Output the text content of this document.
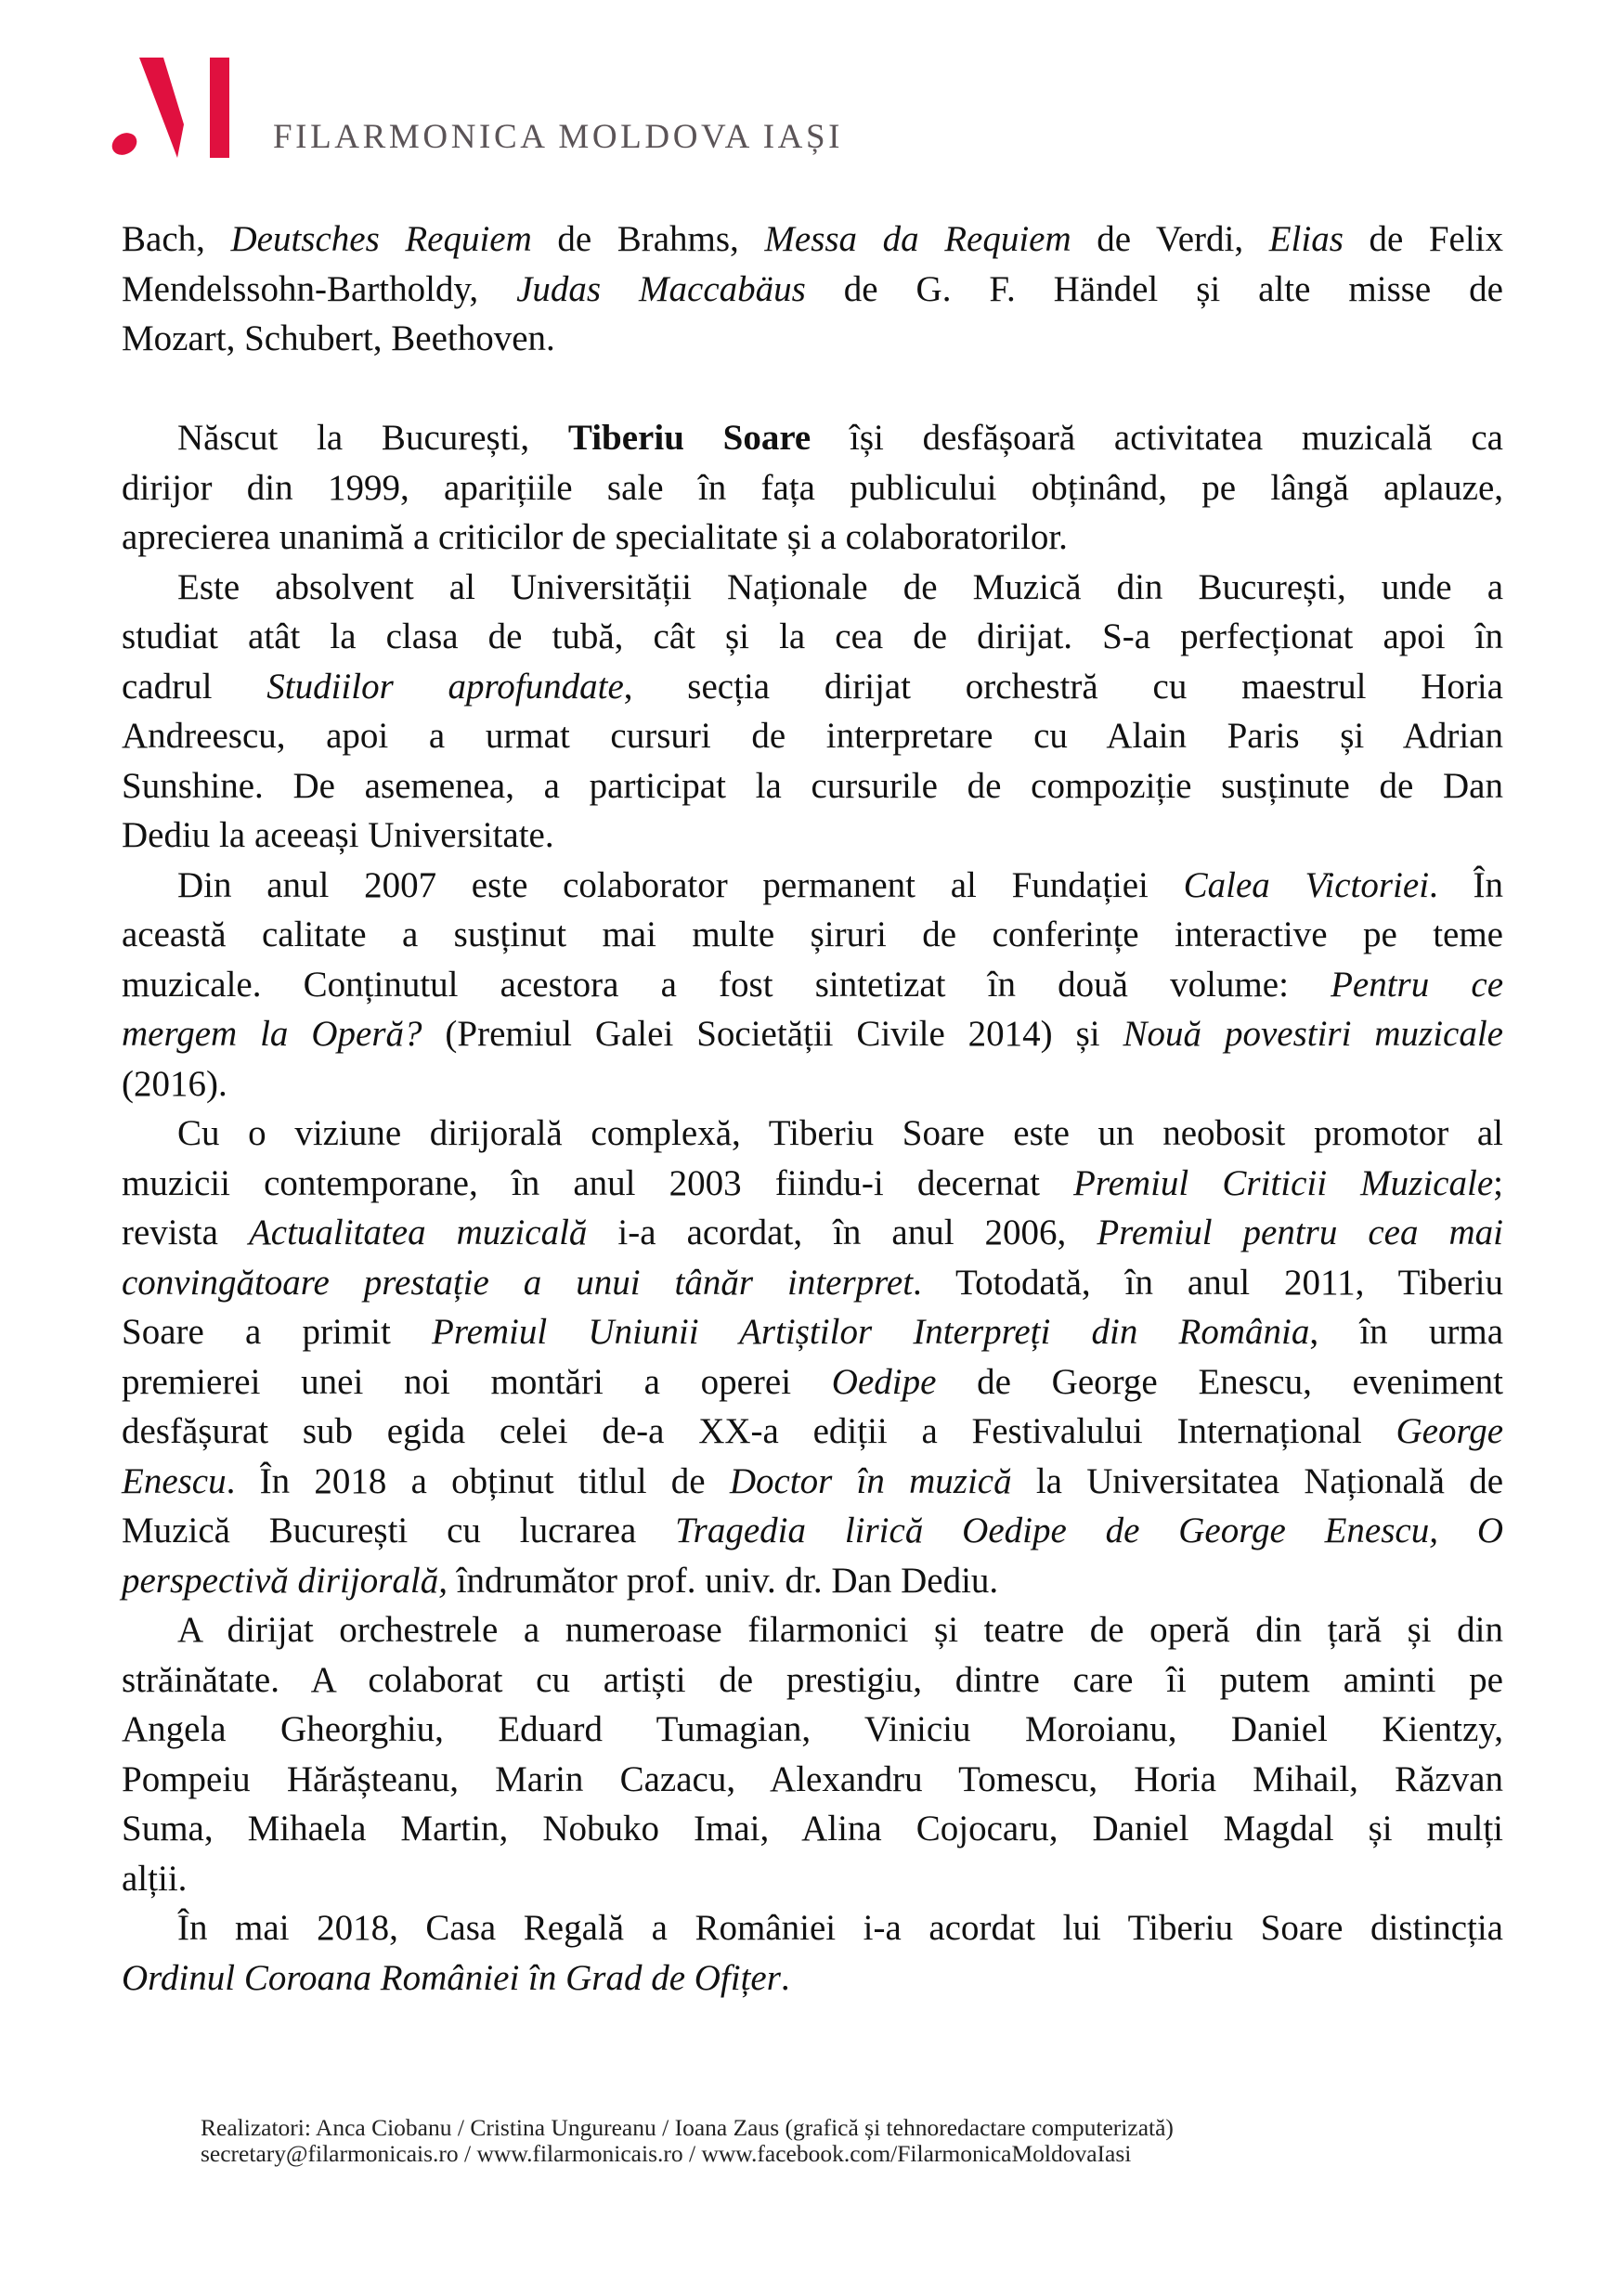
FILARMONICA MOLDOVA IAȘI
Bach, Deutsches Requiem de Brahms, Messa da Requiem de Verdi, Elias de Felix
Mendelssohn-Bartholdy, Judas Maccabäus de G. F. Händel și alte misse de
Mozart, Schubert, Beethoven.
Născut la București, Tiberiu Soare își desfășoară activitatea muzicală ca
dirijor din 1999, aparițiile sale în fața publicului obținând, pe lângă aplauze,
aprecierea unanimă a criticilor de specialitate și a colaboratorilor.
Este absolvent al Universității Naționale de Muzică din București, unde a
studiat atât la clasa de tubă, cât și la cea de dirijat. S-a perfecționat apoi în
cadrul Studiilor aprofundate, secția dirijat orchestră cu maestrul Horia
Andreescu, apoi a urmat cursuri de interpretare cu Alain Paris și Adrian
Sunshine. De asemenea, a participat la cursurile de compoziție susținute de Dan
Dediu la aceeași Universitate.
Din anul 2007 este colaborator permanent al Fundației Calea Victoriei. În
această calitate a susținut mai multe șiruri de conferințe interactive pe teme
muzicale. Conținutul acestora a fost sintetizat în două volume: Pentru ce
mergem la Operă? (Premiul Galei Societății Civile 2014) și Nouă povestiri muzicale
(2016).
Cu o viziune dirijorală complexă, Tiberiu Soare este un neobosit promotor al
muzicii contemporane, în anul 2003 fiindu-i decernat Premiul Criticii Muzicale;
revista Actualitatea muzicală i-a acordat, în anul 2006, Premiul pentru cea mai
convingătoare prestație a unui tânăr interpret. Totodată, în anul 2011, Tiberiu
Soare a primit Premiul Uniunii Artiștilor Interpreți din România, în urma
premierei unei noi montări a operei Oedipe de George Enescu, eveniment
desfășurat sub egida celei de-a XX-a ediții a Festivalului Internațional George
Enescu. În 2018 a obținut titlul de Doctor în muzică la Universitatea Națională de
Muzică București cu lucrarea Tragedia lirică Oedipe de George Enescu, O
perspectivă dirijorală, îndrumător prof. univ. dr. Dan Dediu.
A dirijat orchestrele a numeroase filarmonici și teatre de operă din țară și din
străinătate. A colaborat cu artiști de prestigiu, dintre care îi putem aminti pe
Angela Gheorghiu, Eduard Tumagian, Viniciu Moroianu, Daniel Kientzy,
Pompeiu Hărășteanu, Marin Cazacu, Alexandru Tomescu, Horia Mihail, Răzvan
Suma, Mihaela Martin, Nobuko Imai, Alina Cojocaru, Daniel Magdal și mulți
alții.
În mai 2018, Casa Regală a României i-a acordat lui Tiberiu Soare distincția
Ordinul Coroana României în Grad de Ofițer.
Realizatori: Anca Ciobanu / Cristina Ungureanu / Ioana Zaus (grafică și tehnoredactare computerizată)
secretary@filarmonicais.ro / www.filarmonicais.ro / www.facebook.com/FilarmonicaMoldovaIasi
